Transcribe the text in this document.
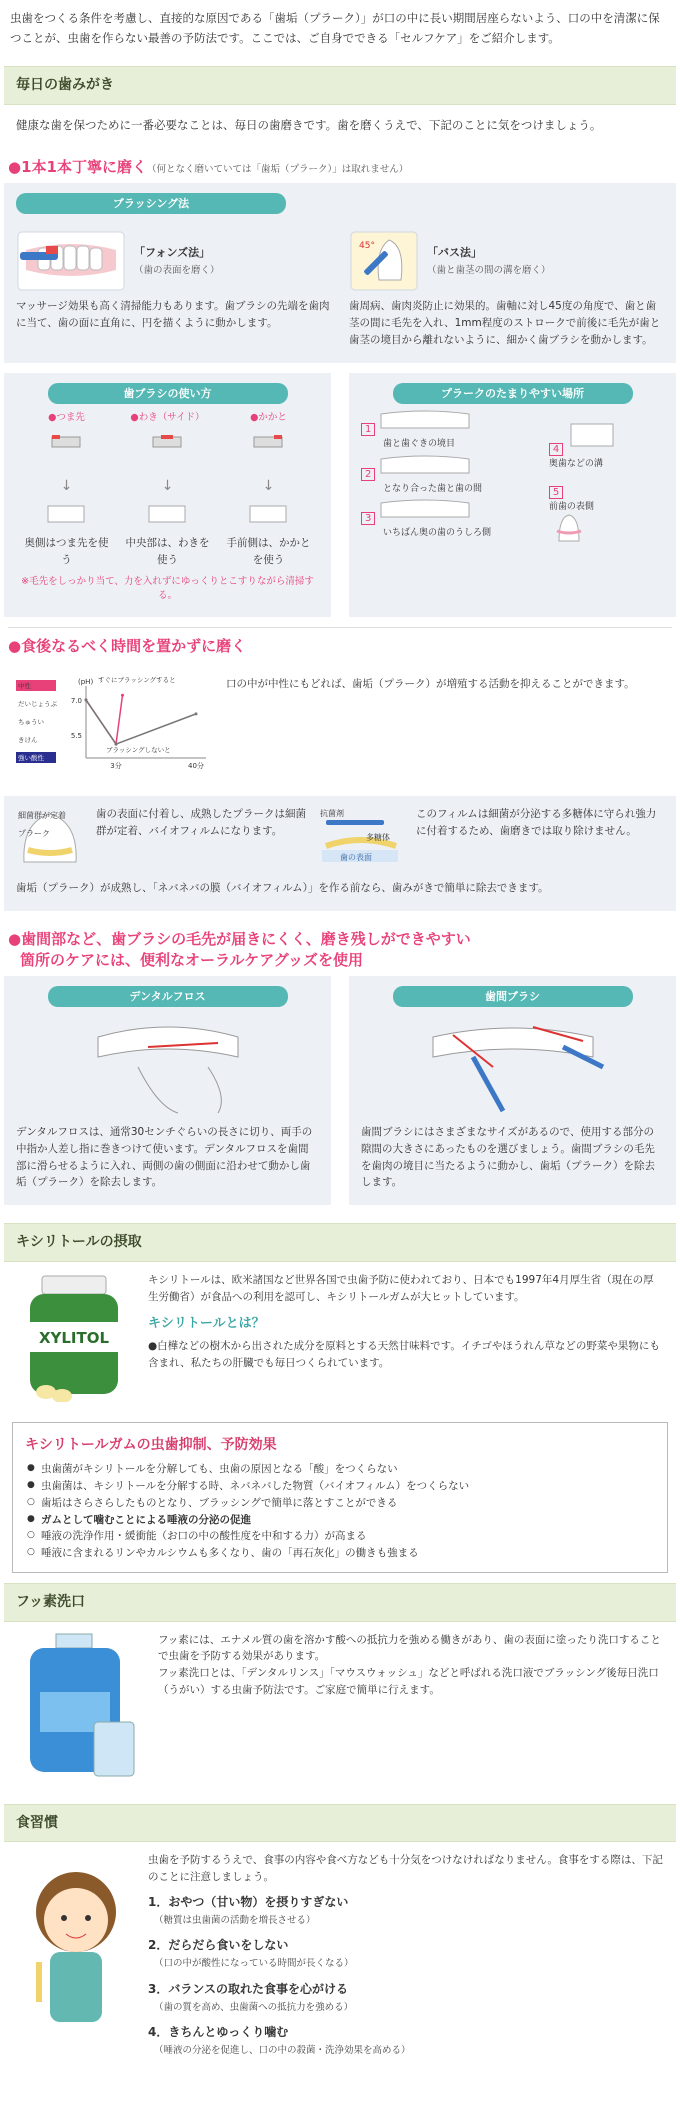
虫歯をつくる条件を考慮し、直接的な原因である「歯垢（プラーク）」が口の中に長い期間居座らないよう、口の中を清潔に保つことが、虫歯を作らない最善の予防法です。ここでは、ご自身でできる「セルフケア」をご紹介します。

毎日の歯みがき

健康な歯を保つために一番必要なことは、毎日の歯磨きです。歯を磨くうえで、下記のことに気をつけましょう。

●1本1本丁寧に磨く（何となく磨いていては「歯垢（プラーク）」は取れません）
ブラッシング法
「フォンズ法」
（歯の表面を磨く）

マッサージ効果も高く清掃能力もあります。歯ブラシの先端を歯肉に当て、歯の面に直角に、円を描くように動かします。

45°
「バス法」
（歯と歯茎の間の溝を磨く）

歯周病、歯肉炎防止に効果的。歯軸に対し45度の角度で、歯と歯茎の間に毛先を入れ、1mm程度のストロークで前後に毛先が歯と歯茎の境目から離れないように、細かく歯ブラシを動かします。

歯ブラシの使い方
●つま先
↓
奥側はつま先を使う
●わき（サイド）
↓
中央部は、わきを使う
●かかと
↓
手前側は、かかとを使う

※毛先をしっかり当て、力を入れずにゆっくりとこすりながら清掃する。

プラークのたまりやすい場所
1
歯と歯ぐきの境目
2
となり合った歯と歯の間
3
いちばん奥の歯のうしろ側
4
奥歯などの溝
5
前歯の表側
●食後なるべく時間を置かずに磨く
中性
だいじょうぶ
ちゅうい
きけん
強い酸性
(pH)
7.0
5.5
3分	40分
すぐにブラッシングすると
ブラッシングしないと

口の中が中性にもどれば、歯垢（プラーク）が増殖する活動を抑えることができます。

細菌群が定着
プラーク

歯の表面に付着し、成熟したプラークは細菌群が定着、バイオフィルムになります。

抗菌剤
多糖体
歯の表面

このフィルムは細菌が分泌する多糖体に守られ強力に付着するため、歯磨きでは取り除けません。

歯垢（プラーク）が成熟し、「ネバネバの膜（バイオフィルム）」を作る前なら、歯みがきで簡単に除去できます。

●歯間部など、歯ブラシの毛先が届きにくく、磨き残しができやすい
箇所のケアには、便利なオーラルケアグッズを使用
デンタルフロス

デンタルフロスは、通常30センチぐらいの長さに切り、両手の中指か人差し指に巻きつけて使います。デンタルフロスを歯間部に滑らせるように入れ、両側の歯の側面に沿わせて動かし歯垢（プラーク）を除去します。

歯間ブラシ

歯間ブラシにはさまざまなサイズがあるので、使用する部分の隙間の大きさにあったものを選びましょう。歯間ブラシの毛先を歯肉の境目に当たるように動かし、歯垢（プラーク）を除去します。

キシリトールの摂取
XYLITOL

キシリトールは、欧米諸国など世界各国で虫歯予防に使われており、日本でも1997年4月厚生省（現在の厚生労働省）が食品への利用を認可し、キシリトールガムが大ヒットしています。

キシリトールとは？

●白樺などの樹木から出された成分を原料とする天然甘味料です。イチゴやほうれん草などの野菜や果物にも含まれ、私たちの肝臓でも毎日つくられています。

キシリトールガムの虫歯抑制、予防効果
● 虫歯菌がキシリトールを分解しても、虫歯の原因となる「酸」をつくらない
● 虫歯菌は、キシリトールを分解する時、ネバネバした物質（バイオフィルム）をつくらない
○ 歯垢はさらさらしたものとなり、ブラッシングで簡単に落とすことができる
● ガムとして噛むことによる唾液の分泌の促進
○ 唾液の洗浄作用・緩衝能（お口の中の酸性度を中和する力）が高まる
○ 唾液に含まれるリンやカルシウムも多くなり、歯の「再石灰化」の働きも強まる
フッ素洗口

フッ素には、エナメル質の歯を溶かす酸への抵抗力を強める働きがあり、歯の表面に塗ったり洗口することで虫歯を予防する効果があります。

フッ素洗口とは、「デンタルリンス」「マウスウォッシュ」などと呼ばれる洗口液でブラッシング後毎日洗口（うがい）する虫歯予防法です。ご家庭で簡単に行えます。

食習慣

虫歯を予防するうえで、食事の内容や食べ方なども十分気をつけなければなりません。食事をする際は、下記のことに注意しましょう。

1．おやつ（甘い物）を摂りすぎない
（糖質は虫歯菌の活動を増長させる）
2．だらだら食いをしない
（口の中が酸性になっている時間が長くなる）
3．バランスの取れた食事を心がける
（歯の質を高め、虫歯菌への抵抗力を強める）
4．きちんとゆっくり噛む
（唾液の分泌を促進し、口の中の殺菌・洗浄効果を高める）
